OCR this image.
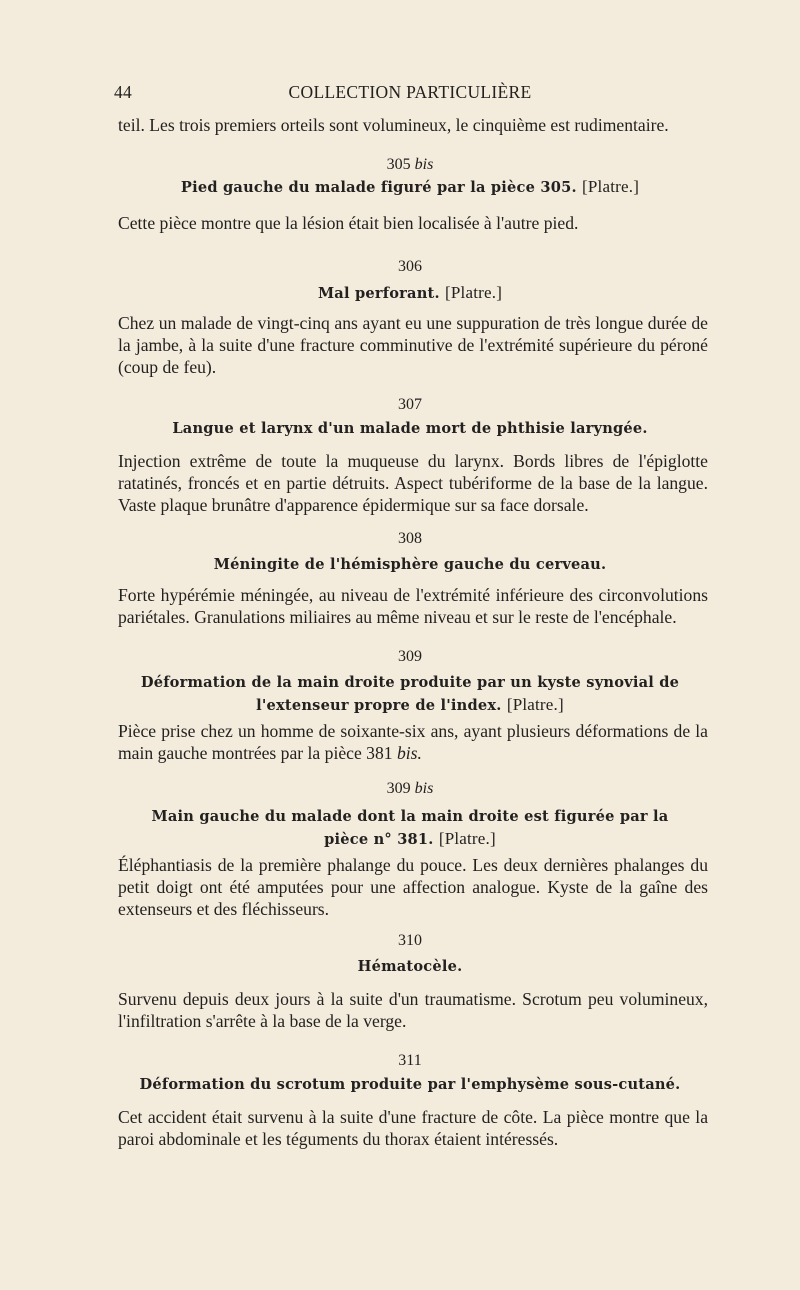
44	COLLECTION PARTICULIÈRE
teil. Les trois premiers orteils sont volumineux, le cinquième est rudimentaire.
305 bis
Pied gauche du malade figuré par la pièce 305. [Platre.]
Cette pièce montre que la lésion était bien localisée à l'autre pied.
306
Mal perforant. [Platre.]
Chez un malade de vingt-cinq ans ayant eu une suppuration de très longue durée de la jambe, à la suite d'une fracture comminutive de l'extrémité supérieure du péroné (coup de feu).
307
Langue et larynx d'un malade mort de phthisie laryngée.
Injection extrême de toute la muqueuse du larynx. Bords libres de l'épiglotte ratatinés, froncés et en partie détruits. Aspect tubériforme de la base de la langue. Vaste plaque brunâtre d'apparence épidermique sur sa face dorsale.
308
Méningite de l'hémisphère gauche du cerveau.
Forte hypérémie méningée, au niveau de l'extrémité inférieure des circonvolutions pariétales. Granulations miliaires au même niveau et sur le reste de l'encéphale.
309
Déformation de la main droite produite par un kyste synovial de
l'extenseur propre de l'index. [Platre.]
Pièce prise chez un homme de soixante-six ans, ayant plusieurs déformations de la main gauche montrées par la pièce 381 bis.
309 bis
Main gauche du malade dont la main droite est figurée par la
pièce n° 381. [Platre.]
Éléphantiasis de la première phalange du pouce. Les deux dernières phalanges du petit doigt ont été amputées pour une affection analogue. Kyste de la gaîne des extenseurs et des fléchisseurs.
310
Hématocèle.
Survenu depuis deux jours à la suite d'un traumatisme. Scrotum peu volumineux, l'infiltration s'arrête à la base de la verge.
311
Déformation du scrotum produite par l'emphysème sous-cutané.
Cet accident était survenu à la suite d'une fracture de côte. La pièce montre que la paroi abdominale et les téguments du thorax étaient intéressés.
